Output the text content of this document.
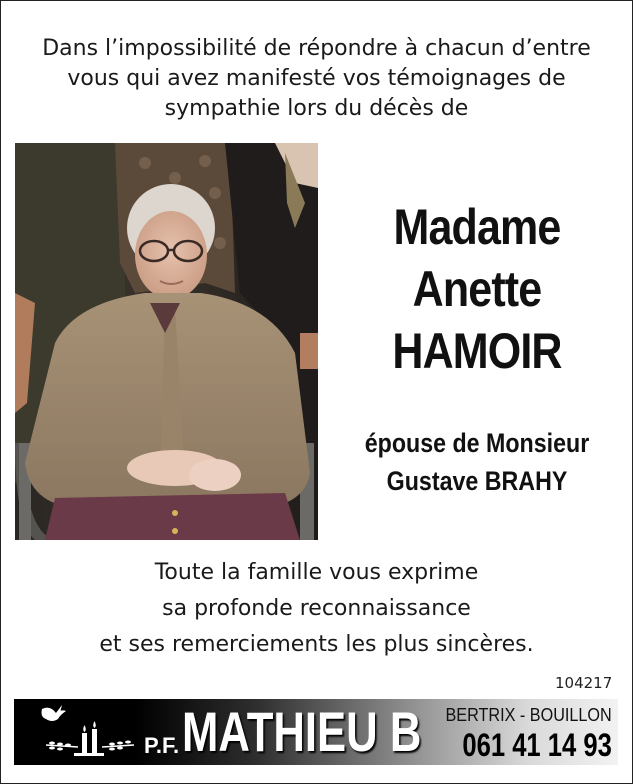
Dans l’impossibilité de répondre à chacun d’entre
vous qui avez manifesté vos témoignages de
sympathie lors du décès de
Madame
Anette
HAMOIR
épouse de Monsieur
Gustave BRAHY
Toute la famille vous exprime
sa profonde reconnaissance
et ses remerciements les plus sincères.
104217
P.F. MATHIEU B BERTRIX - BOUILLON
061 41 14 93
